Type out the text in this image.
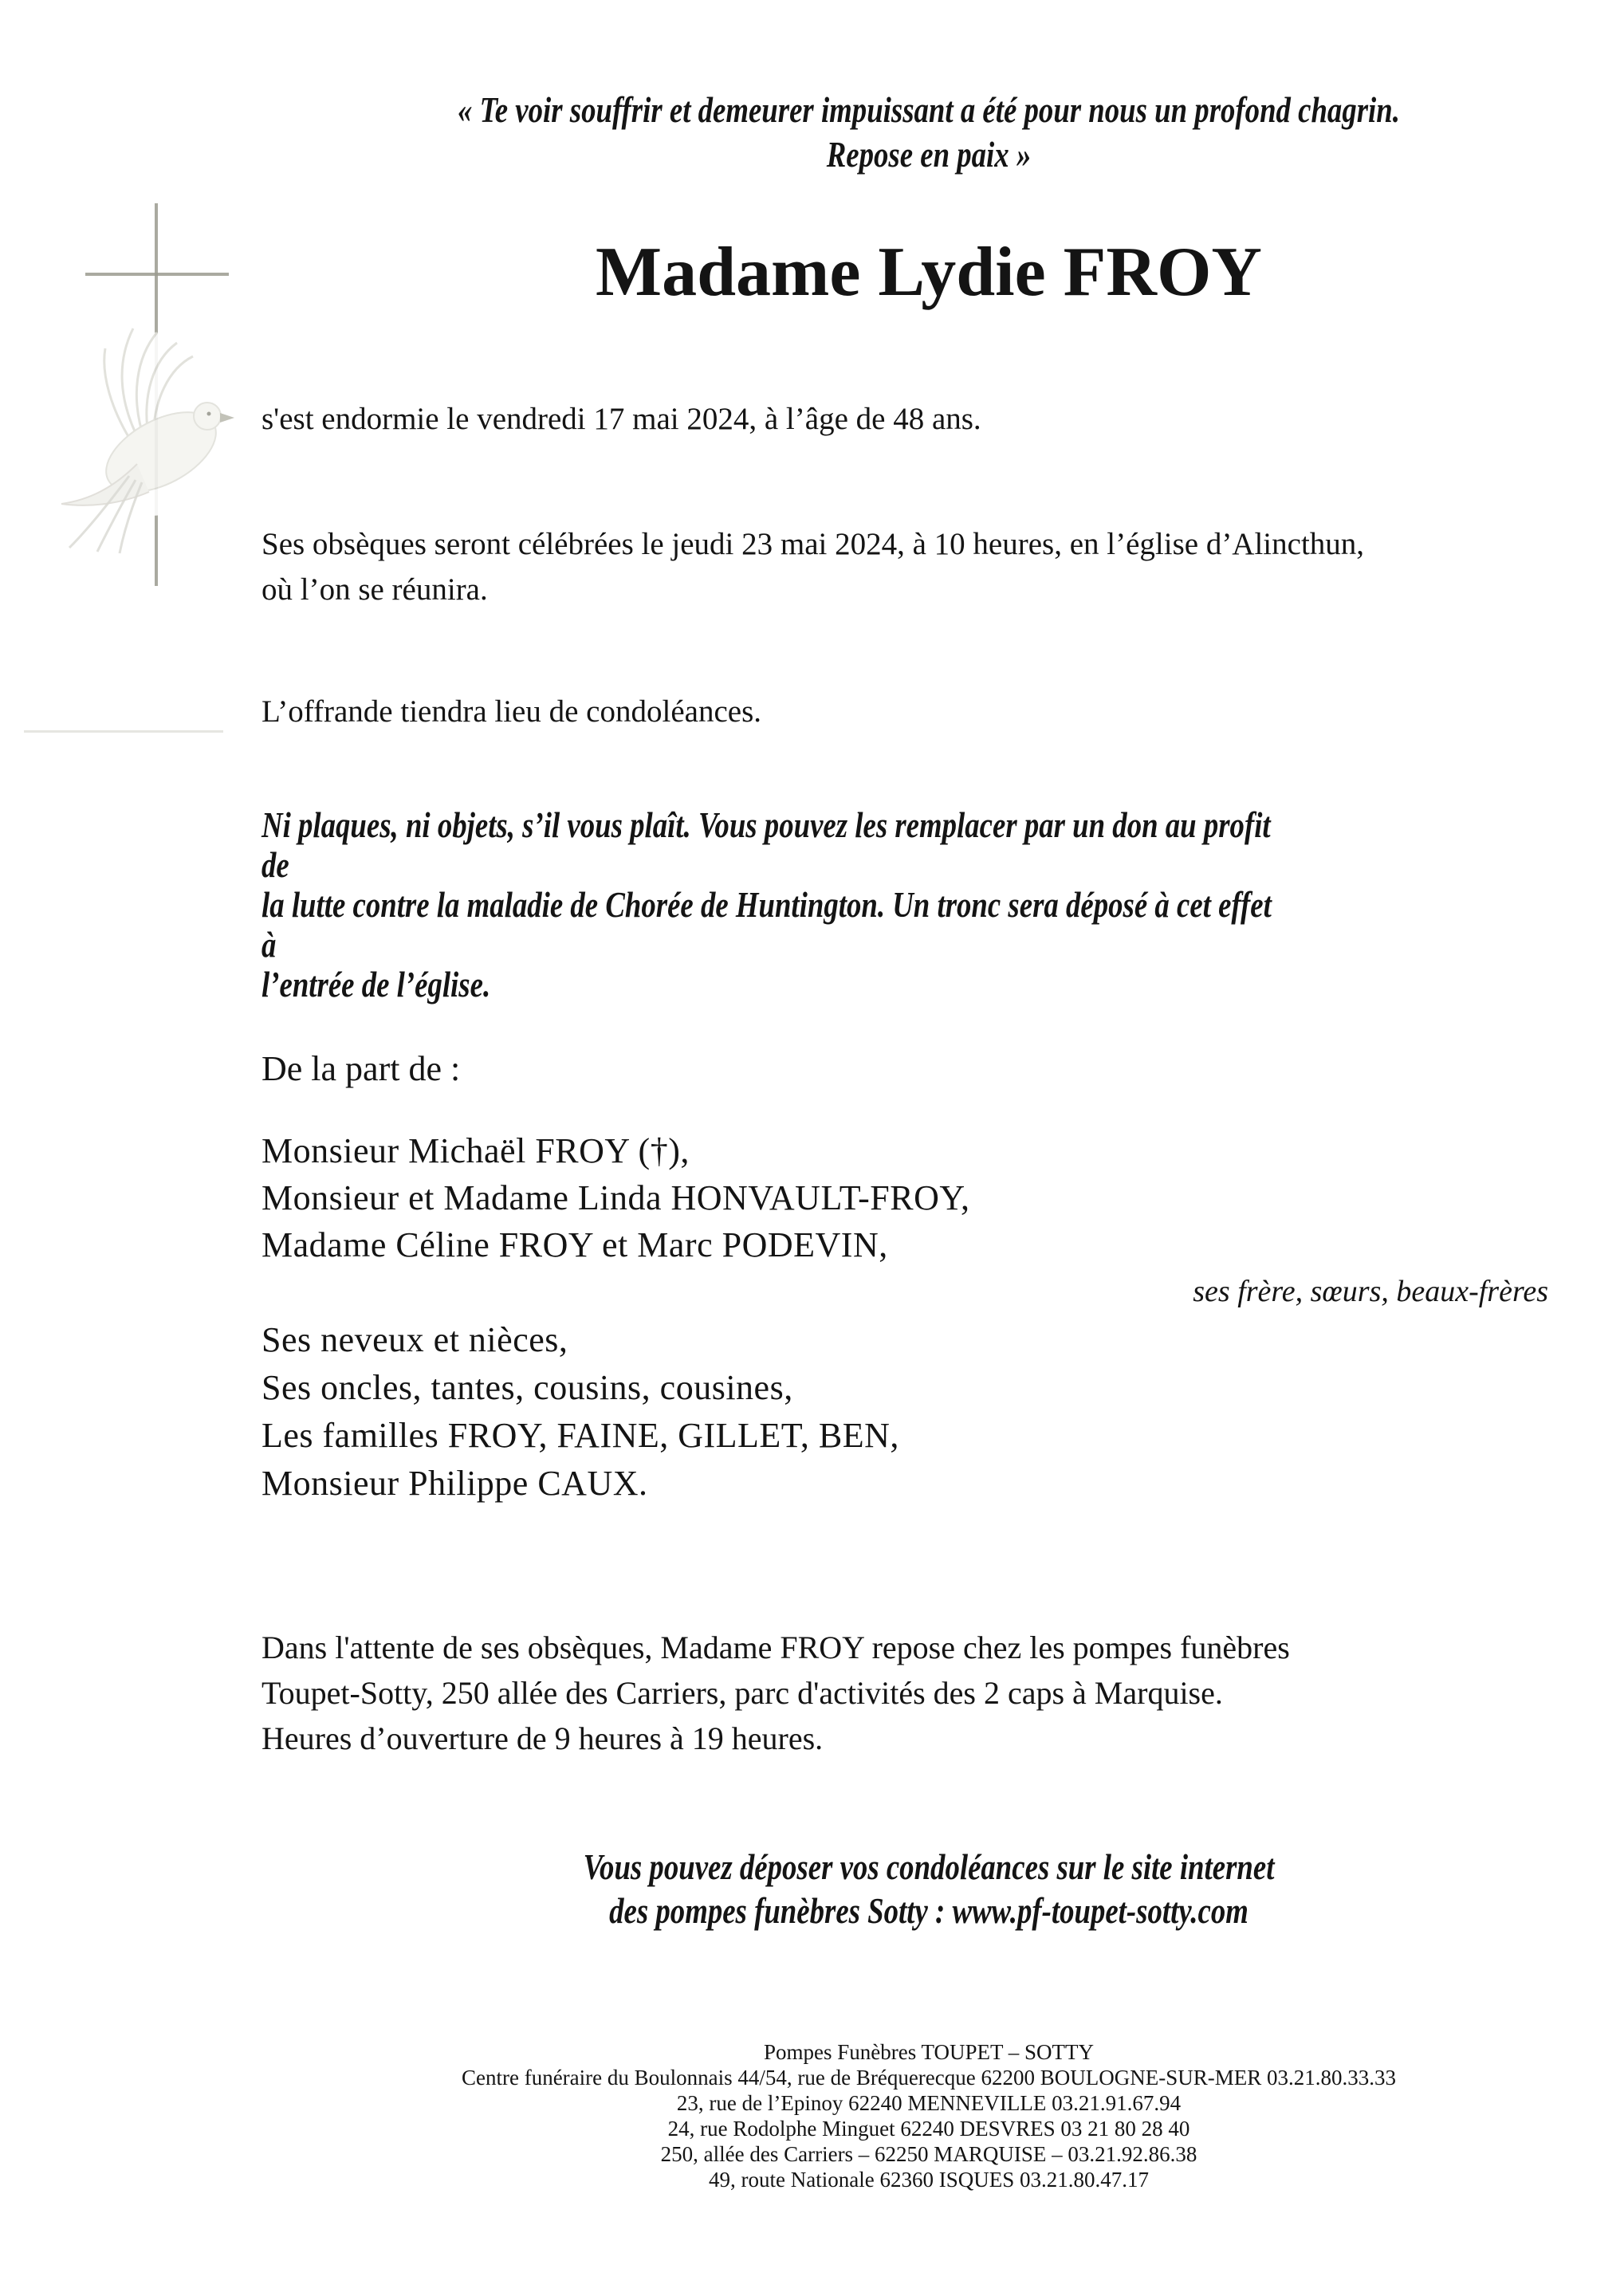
« Te voir souffrir et demeurer impuissant a été pour nous un profond chagrin.
Repose en paix »
Madame Lydie FROY
s'est endormie le vendredi 17 mai 2024, à l’âge de 48 ans.
Ses obsèques seront célébrées le jeudi 23 mai 2024, à 10 heures, en l’église d’Alincthun,
où l’on se réunira.
L’offrande tiendra lieu de condoléances.
Ni plaques, ni objets, s’il vous plaît. Vous pouvez les remplacer par un don au profit de
la lutte contre la maladie de Chorée de Huntington. Un tronc sera déposé à cet effet à
l’entrée de l’église.
De la part de :
Monsieur Michaël FROY (†),
Monsieur et Madame Linda HONVAULT-FROY,
Madame Céline FROY et Marc PODEVIN,
ses frère, sœurs, beaux-frères
Ses neveux et nièces,
Ses oncles, tantes, cousins, cousines,
Les familles FROY, FAINE, GILLET, BEN,
Monsieur Philippe CAUX.
Dans l'attente de ses obsèques, Madame FROY repose chez les pompes funèbres
Toupet-Sotty, 250 allée des Carriers, parc d'activités des 2 caps à Marquise.
Heures d’ouverture de 9 heures à 19 heures.
Vous pouvez déposer vos condoléances sur le site internet
des pompes funèbres Sotty : www.pf-toupet-sotty.com
Pompes Funèbres TOUPET – SOTTY
Centre funéraire du Boulonnais 44/54, rue de Bréquerecque 62200 BOULOGNE-SUR-MER 03.21.80.33.33
23, rue de l’Epinoy 62240 MENNEVILLE 03.21.91.67.94
24, rue Rodolphe Minguet 62240 DESVRES 03 21 80 28 40
250, allée des Carriers – 62250 MARQUISE – 03.21.92.86.38
49, route Nationale 62360 ISQUES 03.21.80.47.17
